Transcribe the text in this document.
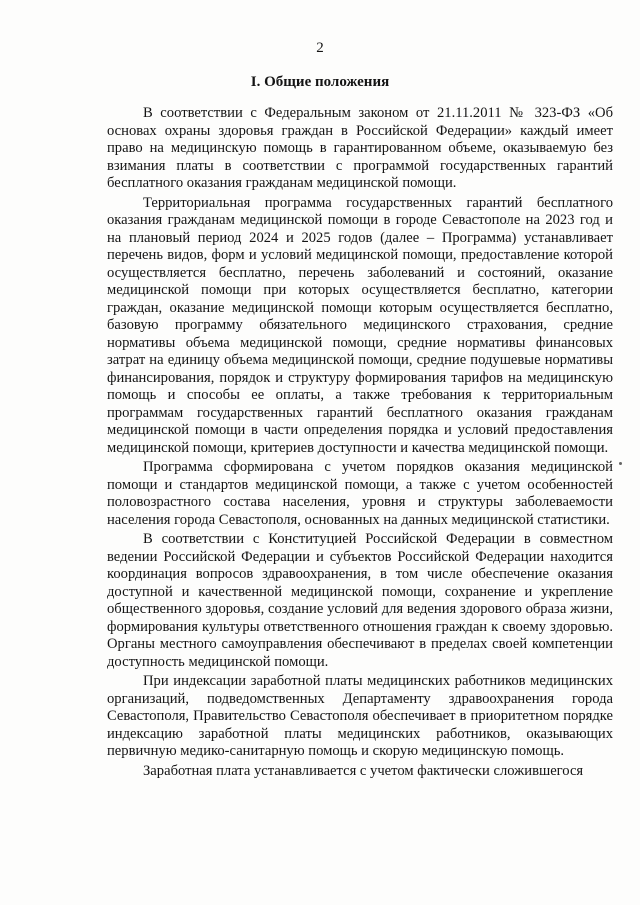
2
I. Общие положения

В соответствии с Федеральным законом от 21.11.2011 № 323-ФЗ «Об основах охраны здоровья граждан в Российской Федерации» каждый имеет право на медицинскую помощь в гарантированном объеме, оказываемую без взимания платы в соответствии с программой государственных гарантий бесплатного оказания гражданам медицинской помощи.

Территориальная программа государственных гарантий бесплатного оказания гражданам медицинской помощи в городе Севастополе на 2023 год и на плановый период 2024 и 2025 годов (далее – Программа) устанавливает перечень видов, форм и условий медицинской помощи, предоставление которой осуществляется бесплатно, перечень заболеваний и состояний, оказание медицинской помощи при которых осуществляется бесплатно, категории граждан, оказание медицинской помощи которым осуществляется бесплатно, базовую программу обязательного медицинского страхования, средние нормативы объема медицинской помощи, средние нормативы финансовых затрат на единицу объема медицинской помощи, средние подушевые нормативы финансирования, порядок и структуру формирования тарифов на медицинскую помощь и способы ее оплаты, а также требования к территориальным программам государственных гарантий бесплатного оказания гражданам медицинской помощи в части определения порядка и условий предоставления медицинской помощи, критериев доступности и качества медицинской помощи.

Программа сформирована с учетом порядков оказания медицинской помощи и стандартов медицинской помощи, а также с учетом особенностей половозрастного состава населения, уровня и структуры заболеваемости населения города Севастополя, основанных на данных медицинской статистики.

В соответствии с Конституцией Российской Федерации в совместном ведении Российской Федерации и субъектов Российской Федерации находится координация вопросов здравоохранения, в том числе обеспечение оказания доступной и качественной медицинской помощи, сохранение и укрепление общественного здоровья, создание условий для ведения здорового образа жизни, формирования культуры ответственного отношения граждан к своему здоровью. Органы местного самоуправления обеспечивают в пределах своей компетенции доступность медицинской помощи.

При индексации заработной платы медицинских работников медицинских организаций, подведомственных Департаменту здравоохранения города Севастополя, Правительство Севастополя обеспечивает в приоритетном порядке индексацию заработной платы медицинских работников, оказывающих первичную медико-санитарную помощь и скорую медицинскую помощь.

Заработная плата устанавливается с учетом фактически сложившегося
